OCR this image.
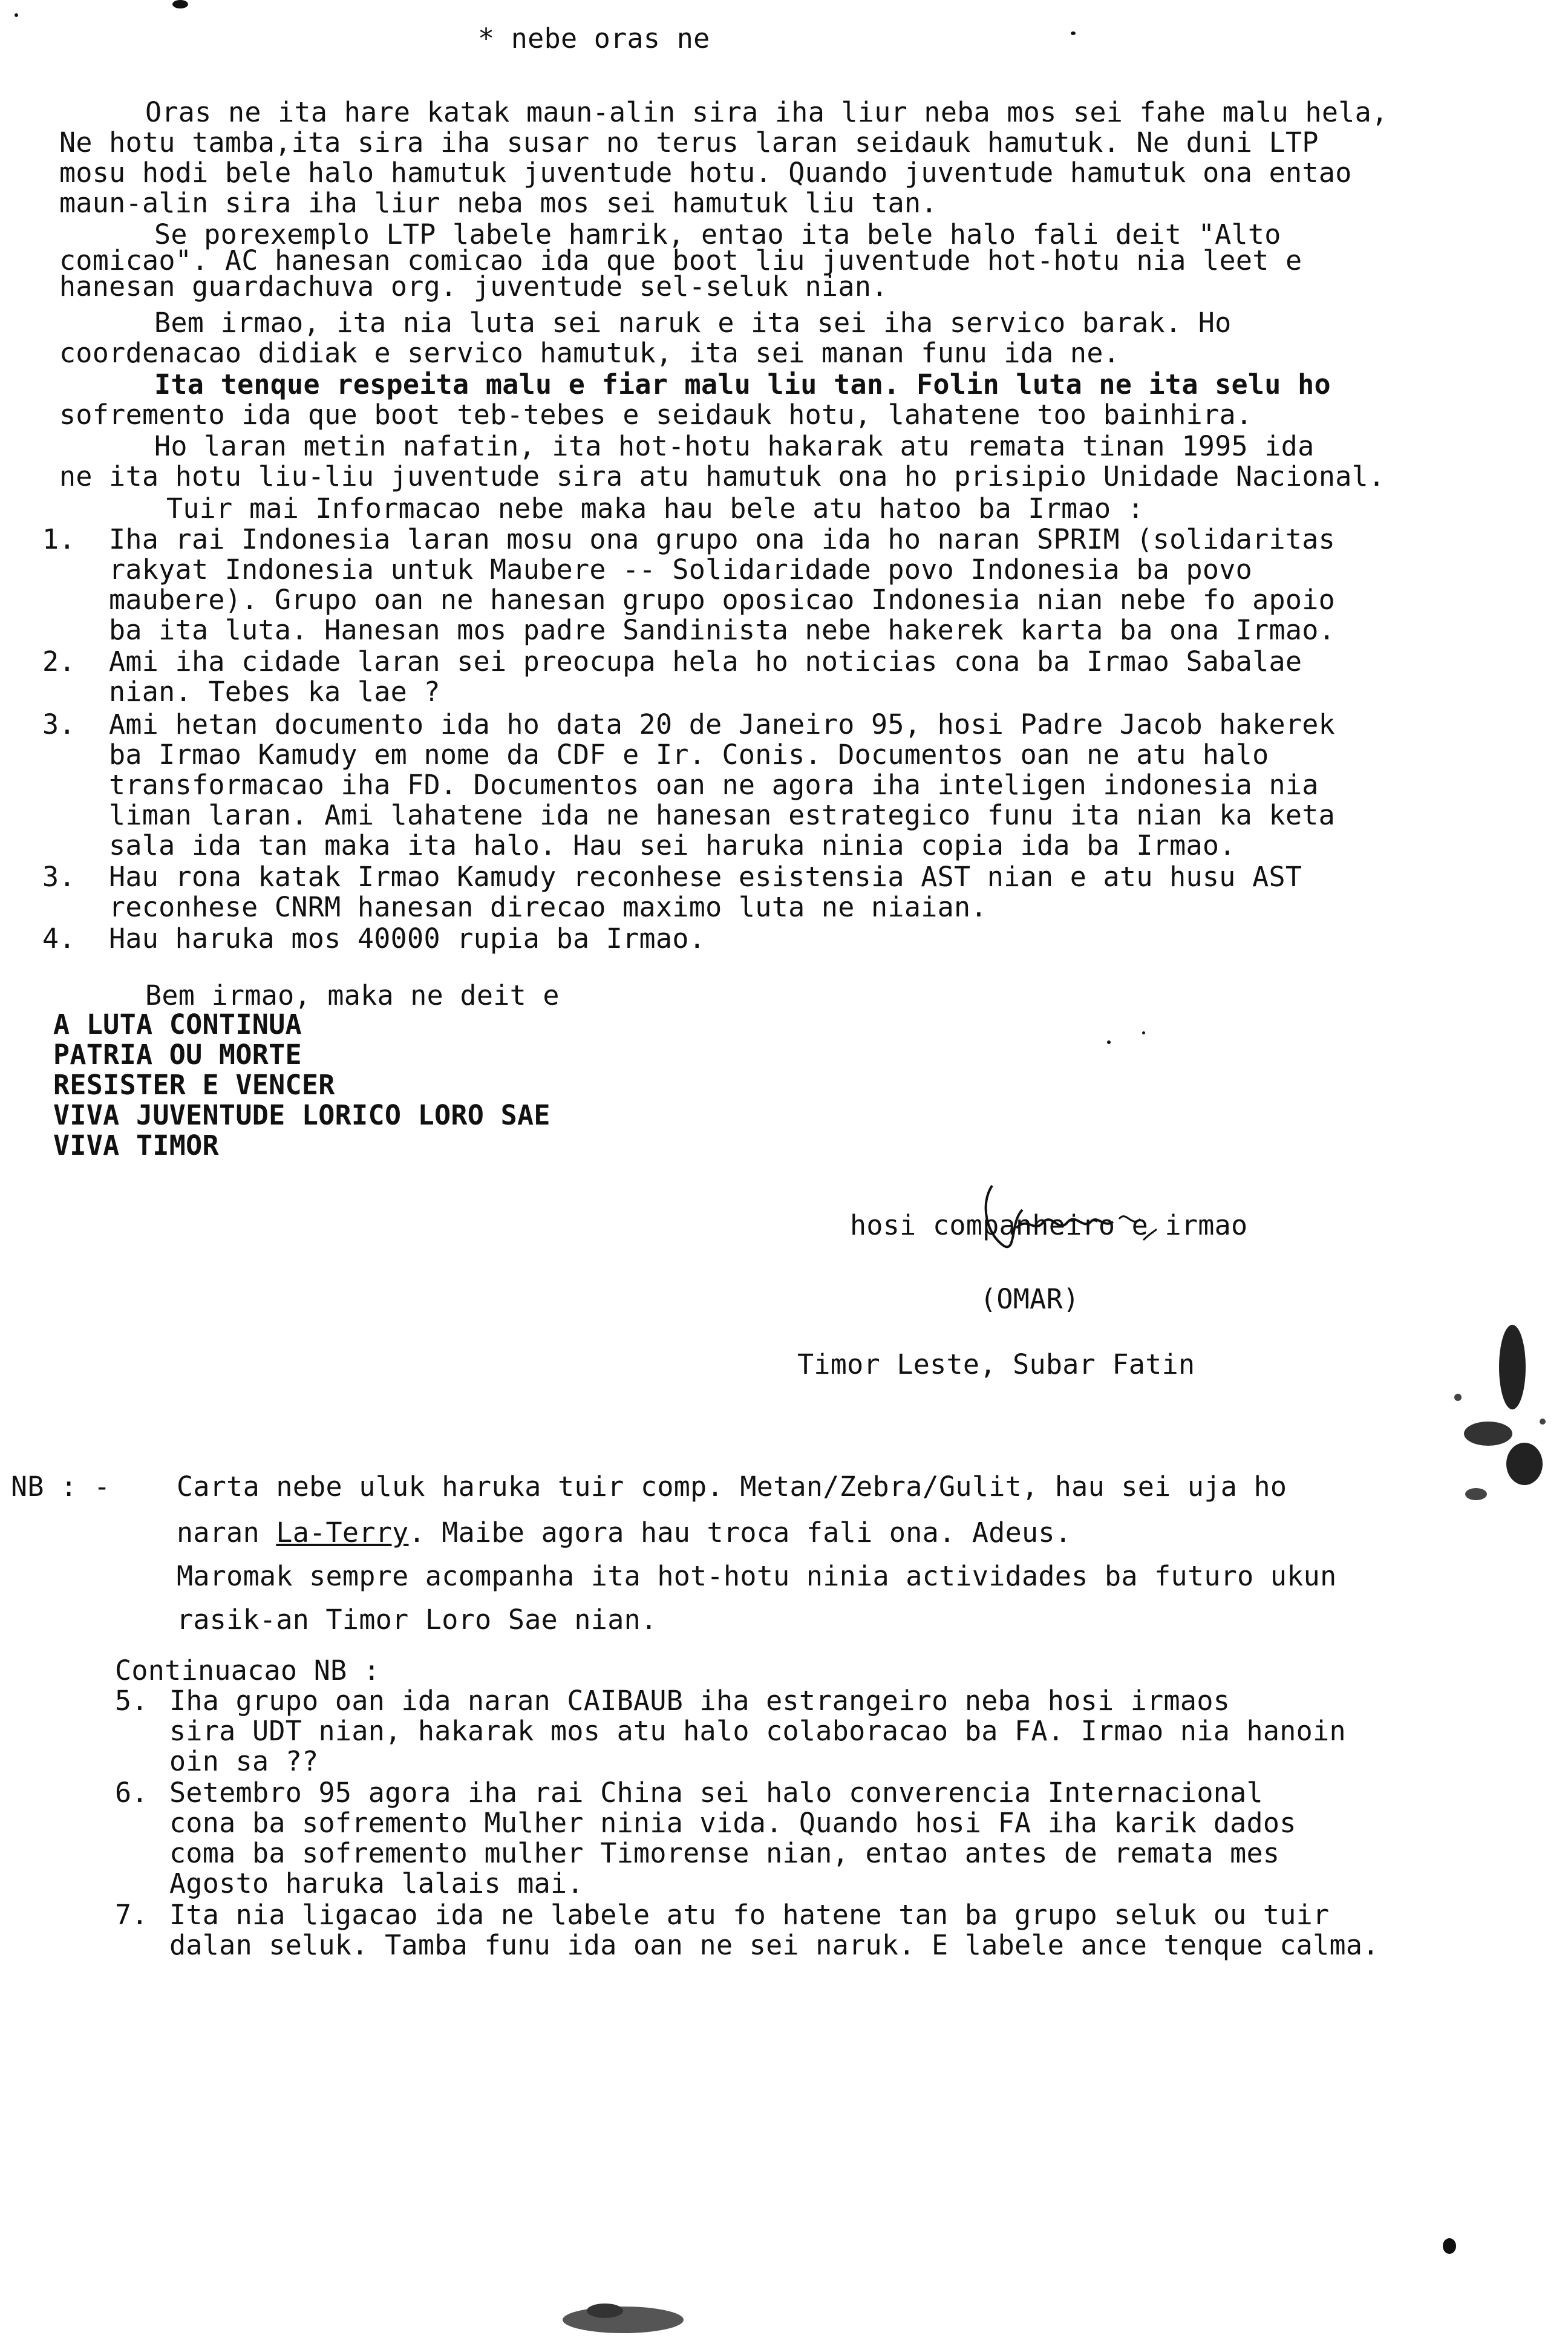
* nebe oras ne
Oras ne ita hare katak maun-alin sira iha liur neba mos sei fahe malu hela,
Ne hotu tamba,ita sira iha susar no terus laran seidauk hamutuk. Ne duni LTP
mosu hodi bele halo hamutuk juventude hotu. Quando juventude hamutuk ona entao
maun-alin sira iha liur neba mos sei hamutuk liu tan.
Se porexemplo LTP labele hamrik, entao ita bele halo fali deit "Alto
comicao". AC hanesan comicao ida que boot liu juventude hot-hotu nia leet e
hanesan guardachuva org. juventude sel-seluk nian.
Bem irmao, ita nia luta sei naruk e ita sei iha servico barak. Ho
coordenacao didiak e servico hamutuk, ita sei manan funu ida ne.
Ita tenque respeita malu e fiar malu liu tan. Folin luta ne ita selu ho
sofremento ida que boot teb-tebes e seidauk hotu, lahatene too bainhira.
Ho laran metin nafatin, ita hot-hotu hakarak atu remata tinan 1995 ida
ne ita hotu liu-liu juventude sira atu hamutuk ona ho prisipio Unidade Nacional.
Tuir mai Informacao nebe maka hau bele atu hatoo ba Irmao :
1. Iha rai Indonesia laran mosu ona grupo ona ida ho naran SPRIM (solidaritas
rakyat Indonesia untuk Maubere -- Solidaridade povo Indonesia ba povo
maubere). Grupo oan ne hanesan grupo oposicao Indonesia nian nebe fo apoio
ba ita luta. Hanesan mos padre Sandinista nebe hakerek karta ba ona Irmao.
2. Ami iha cidade laran sei preocupa hela ho noticias cona ba Irmao Sabalae
nian. Tebes ka lae ?
3. Ami hetan documento ida ho data 20 de Janeiro 95, hosi Padre Jacob hakerek
ba Irmao Kamudy em nome da CDF e Ir. Conis. Documentos oan ne atu halo
transformacao iha FD. Documentos oan ne agora iha inteligen indonesia nia
liman laran. Ami lahatene ida ne hanesan estrategico funu ita nian ka keta
sala ida tan maka ita halo. Hau sei haruka ninia copia ida ba Irmao.
3. Hau rona katak Irmao Kamudy reconhese esistensia AST nian e atu husu AST
reconhese CNRM hanesan direcao maximo luta ne niaian.
4. Hau haruka mos 40000 rupia ba Irmao.
Bem irmao, maka ne deit e
A LUTA CONTINUA
PATRIA OU MORTE
RESISTER E VENCER
VIVA JUVENTUDE LORICO LORO SAE
VIVA TIMOR
hosi companheiro e irmao
(OMAR)
Timor Leste, Subar Fatin
NB : - Carta nebe uluk haruka tuir comp. Metan/Zebra/Gulit, hau sei uja ho
naran La-Terry. Maibe agora hau troca fali ona. Adeus.
Maromak sempre acompanha ita hot-hotu ninia actividades ba futuro ukun
rasik-an Timor Loro Sae nian.
Continuacao NB :
5. Iha grupo oan ida naran CAIBAUB iha estrangeiro neba hosi irmaos
sira UDT nian, hakarak mos atu halo colaboracao ba FA. Irmao nia hanoin
oin sa ??
6. Setembro 95 agora iha rai China sei halo converencia Internacional
cona ba sofremento Mulher ninia vida. Quando hosi FA iha karik dados
coma ba sofremento mulher Timorense nian, entao antes de remata mes
Agosto haruka lalais mai.
7. Ita nia ligacao ida ne labele atu fo hatene tan ba grupo seluk ou tuir
dalan seluk. Tamba funu ida oan ne sei naruk. E labele ance tenque calma.
